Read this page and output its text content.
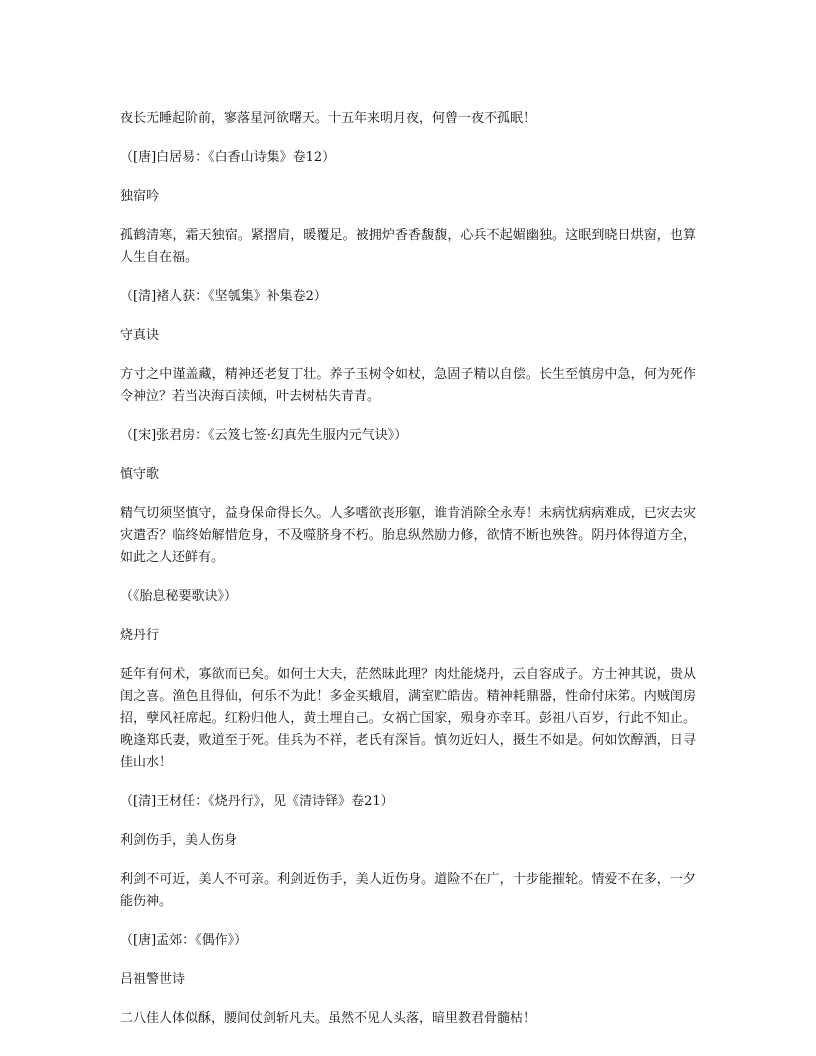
夜长无睡起阶前，寥落星河欲曙天。十五年来明月夜，何曾一夜不孤眠！

（[唐]白居易：《白香山诗集》卷12）

独宿吟

孤鹤清寒，霜天独宿。紧摺肩，暖覆足。被拥炉香香馥馥，心兵不起媚幽独。这眠到晓日烘窗，也算人生自在福。

（[清]褚人获：《坚瓠集》补集卷2）

守真诀

方寸之中谨盖藏，精神还老复丁壮。养子玉树令如杖，急固子精以自偿。长生至慎房中急，何为死作令神泣？若当决海百渎倾，叶去树枯失青青。

（[宋]张君房：《云笈七签·幻真先生服内元气诀》）

慎守歌

精气切须坚慎守，益身保命得长久。人多嗜欲丧形躯，谁肯消除全永寿！未病忧病病难成，已灾去灾灾遣否？临终始解惜危身，不及噬脐身不朽。胎息纵然励力修，欲情不断也殃咎。阴丹体得道方全，如此之人还鲜有。

（《胎息秘要歌诀》）

烧丹行

延年有何术，寡欲而已矣。如何士大夫，茫然昧此理？肉灶能烧丹，云自容成子。方士神其说，贵从闺之喜。渔色且得仙，何乐不为此！多金买蛾眉，满室贮皓齿。精神耗鼎器，性命付床笫。内贼闺房招，孽风衽席起。红粉归他人，黄土埋自己。女祸亡国家，殒身亦幸耳。彭祖八百岁，行此不知止。晚逢郑氏妻，败道至于死。佳兵为不祥，老氏有深旨。慎勿近妇人，摄生不如是。何如饮醇酒，日寻佳山水！

（[清]王材任：《烧丹行》，见《清诗铎》卷21）

利剑伤手，美人伤身

利剑不可近，美人不可亲。利剑近伤手，美人近伤身。道险不在广，十步能摧轮。情爱不在多，一夕能伤神。

（[唐]孟郊：《偶作》）

吕祖警世诗

二八佳人体似酥，腰间仗剑斩凡夫。虽然不见人头落，暗里教君骨髓枯！
